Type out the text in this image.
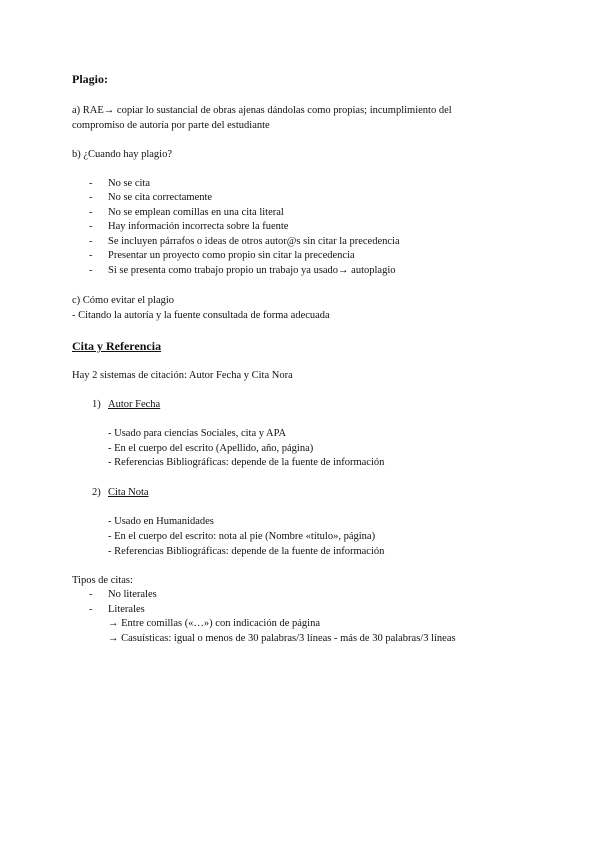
Plagio:
a) RAE→ copiar lo sustancial de obras ajenas dándolas como propias; incumplimiento del
compromiso de autoría por parte del estudiante
b) ¿Cuando hay plagio?
- No se cita
- No se cita correctamente
- No se emplean comillas en una cita literal
- Hay información incorrecta sobre la fuente
- Se incluyen párrafos o ideas de otros autor@s sin citar la precedencia
- Presentar un proyecto como propio sin citar la precedencia
- Si se presenta como trabajo propio un trabajo ya usado→ autoplagio
c) Cómo evitar el plagio
- Citando la autoría y la fuente consultada de forma adecuada
Cita y Referencia
Hay 2 sistemas de citación: Autor Fecha y Cita Nora
1) Autor Fecha
- Usado para ciencias Sociales, cita y APA
- En el cuerpo del escrito (Apellido, año, página)
- Referencias Bibliográficas: depende de la fuente de información
2) Cita Nota
- Usado en Humanidades
- En el cuerpo del escrito: nota al pie (Nombre «título», página)
- Referencias Bibliográficas: depende de la fuente de información
Tipos de citas:
- No literales
- Literales
→ Entre comillas («…») con indicación de página
→ Casuísticas: igual o menos de 30 palabras/3 líneas - más de 30 palabras/3 líneas
